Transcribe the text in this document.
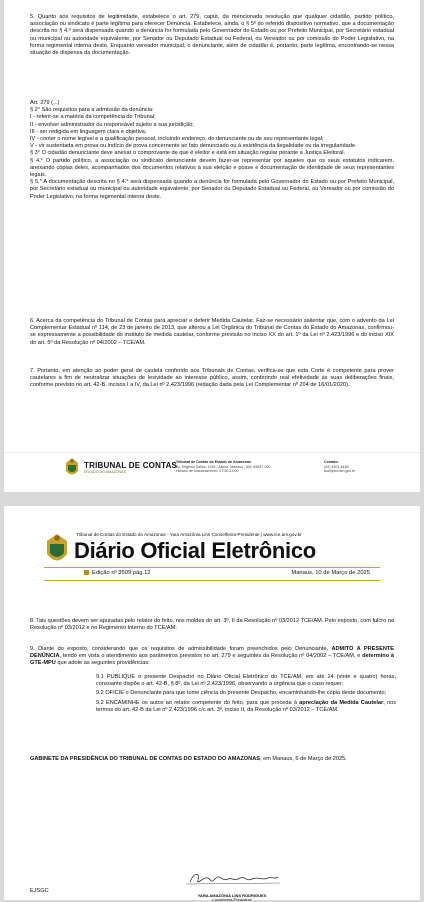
5. Quanto aos requisitos de legitimidade, estabelece o art. 279, caput, da mencionada resolução que qualquer cidadão, partido político, associação ou sindicato é parte legítima para oferecer Denúncia. Estabelece, ainda, o § 5º do referido dispositivo normativo, que a documentação descrita no § 4.º será dispensada quando a denúncia for formulada pelo Governador do Estado ou por Prefeito Municipal, por Secretário estadual ou municipal ou autoridade equivalente, por Senador ou Deputado Estadual ou Federal, ou Vereador ou por comissão do Poder Legislativo, na forma regimental interna deste. Enquanto vereador municipal, o denunciante, além de cidadão é, portanto, parte legítima, encontrando-se nessa situação de dispensa da documentação.

Art. 279 (...)

§ 2° São requisitos para a admissão da denúncia:

I - referir-se a matéria da competência do Tribunal;

II - envolver administrador ou responsável sujeito a sua jurisdição;

III - ser redigida em linguagem clara e objetiva;

IV - conter o nome legível e a qualificação pessoal, incluindo endereço, do denunciante ou de seu representante legal;

V - vir sustentada em prova ou indício de prova concernente ao fato denunciado ou à existência da ilegalidade ou da irregularidade.

§ 3° O cidadão denunciante deve anexar o comprovante de que é eleitor e está em situação regular perante a Justiça Eleitoral.

§ 4.° O partido político, a associação ou sindicato denunciante devem fazer-se representar por aqueles que os seus estatutos indicarem, anexando cópias deles, acompanhados dos documentos relativos à sua eleição e posse e documentação de identidade de seus representantes legais.

§ 5.° A documentação descrita no § 4.° será dispensada quando a denúncia for formulada pelo Governador do Estado ou por Prefeito Municipal, por Secretário estadual ou municipal ou autoridade equivalente, por Senador ou Deputado Estadual ou Federal, ou Vereador ou por comissão do Poder Legislativo, na forma regimental interna deste.

6. Acerca da competência do Tribunal de Contas para apreciar e deferir Medida Cautelar. Faz-se necessário salientar que, com o advento da Lei Complementar Estadual nº 114, de 23 de janeiro de 2013, que alterou a Lei Orgânica do Tribunal de Contas do Estado do Amazonas, confirmou-se expressamente a possibilidade do instituto de medida cautelar, conforme previsão no inciso XX do art. 1º da Lei nº 2.423/1996 e do inciso XIX do art. 5º da Resolução nº 04/2002 – TCE/AM.

7. Portanto, em atenção ao poder geral de cautela conferido aos Tribunais de Contas, verifica-se que esta Corte é competente para prover cautelares a fim de neutralizar situações de lesividade ao interesse público, assim, conferindo real efetividade às suas deliberações finais, conforme previsto no art. 42-B, incisos I a IV, da Lei nº 2.423/1996 (redação dada pela Lei Complementar nº 204 de 16/01/2020).

TRIBUNAL DE CONTAS
ESTADO DO AMAZONAS
Tribunal de Contas do Estado do Amazonas
Av. Efigênio Salles, 1155 - Aleixo, Manaus - AM, 69057-050
Horário de funcionamento: 07:00-13:00
Contato:
(92) 3301-8180
doe@tce.am.gov.br
Tribunal de Contas do Estado do Amazonas - Yara Amazônia Lins Conselheira-Presidente | www.tce.am.gov.br
Diário Oficial Eletrônico
Edição nº 3509 pág.12	Manaus, 10 de Março de 2025

8. Tais questões devem ser apuradas pelo relator do feito, nos moldes do art. 3º, II da Resolução nº 03/2012 TCE/AM. Pelo exposto, com fulcro na Resolução nº 03/2012 e no Regimento Interno do TCE/AM:

9. Diante do exposto, considerando que os requisitos de admissibilidade foram preenchidos pelo Denunciante, ADMITO A PRESENTE DENÚNCIA, tendo em vista o atendimento aos parâmetros previstos no art. 279 e seguintes da Resolução nº 04/2002 – TCE/AM, e determino à GTE-MPU que adote as seguintes providências:

9.1 PUBLIQUE o presente Despacho no Diário Oficial Eletrônico do TCE/AM, em até 24 (vinte e quatro) horas, consoante dispõe o art. 42-B, § 8º, da Lei nº 2.423/1996, observando a urgência que o caso requer;

9.2 OFICIE o Denunciante para que tome ciência do presente Despacho, encaminhando-lhe cópia deste documento;

9.2 ENCAMINHE os autos ao relator competente do feito, para que proceda à apreciação da Medida Cautelar, nos termos do art. 42-B da Lei nº 2.423/1996 c/c art. 3º, inciso II, da Resolução nº 03/2012 – TCE/AM.

GABINETE DA PRESIDÊNCIA DO TRIBUNAL DE CONTAS DO ESTADO DO AMAZONAS, em Manaus, 6 de Março de 2025.

YARA AMAZÔNIA LINS RODRIGUES
Conselheira-Presidente
EJSGC
